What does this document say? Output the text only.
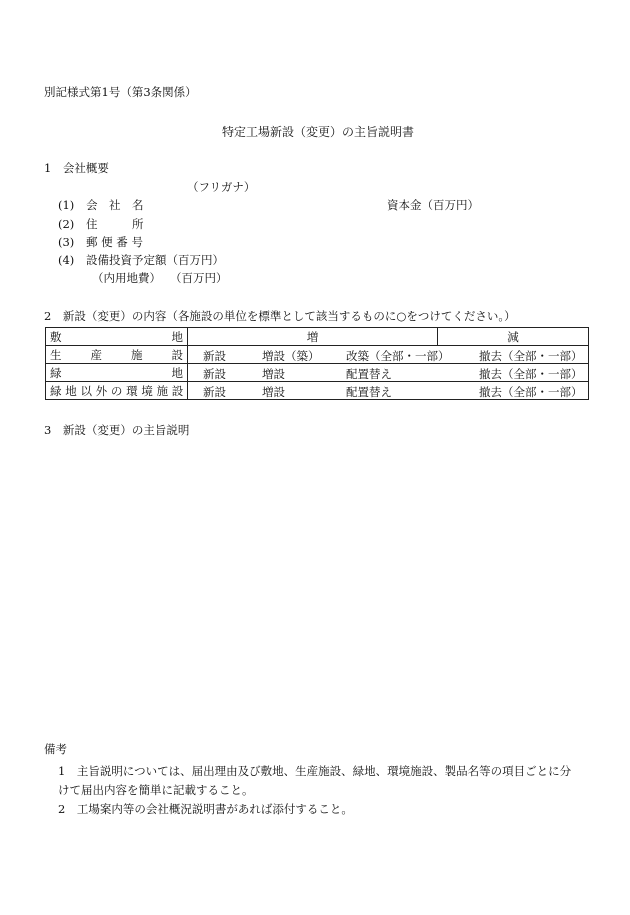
別記様式第1号（第3条関係）
特定工場新設（変更）の主旨説明書
1　会社概要
（フリガナ）
(1) 会　社　名	資本金（百万円）
(2) 住　　　所
(3) 郵 便 番 号
(4) 設備投資予定額（百万円）
（内用地費） （百万円）
2　新設（変更）の内容（各施設の単位を標準として該当するものに○をつけてください。）
敷　　　地	増	減
生　産　施　設	新設 増設（築） 改築（全部・一部） 撤去（全部・一部）	

緑　　　　　地	新設 増設 配置替え 撤去（全部・一部）	

緑地以外の環境施設	新設 増設 配置替え 撤去（全部・一部）	
3　新設（変更）の主旨説明
備考
1　主旨説明については、届出理由及び敷地、生産施設、緑地、環境施設、製品名等の項目ごとに分
けて届出内容を簡単に記載すること。
2　工場案内等の会社概況説明書があれば添付すること。
